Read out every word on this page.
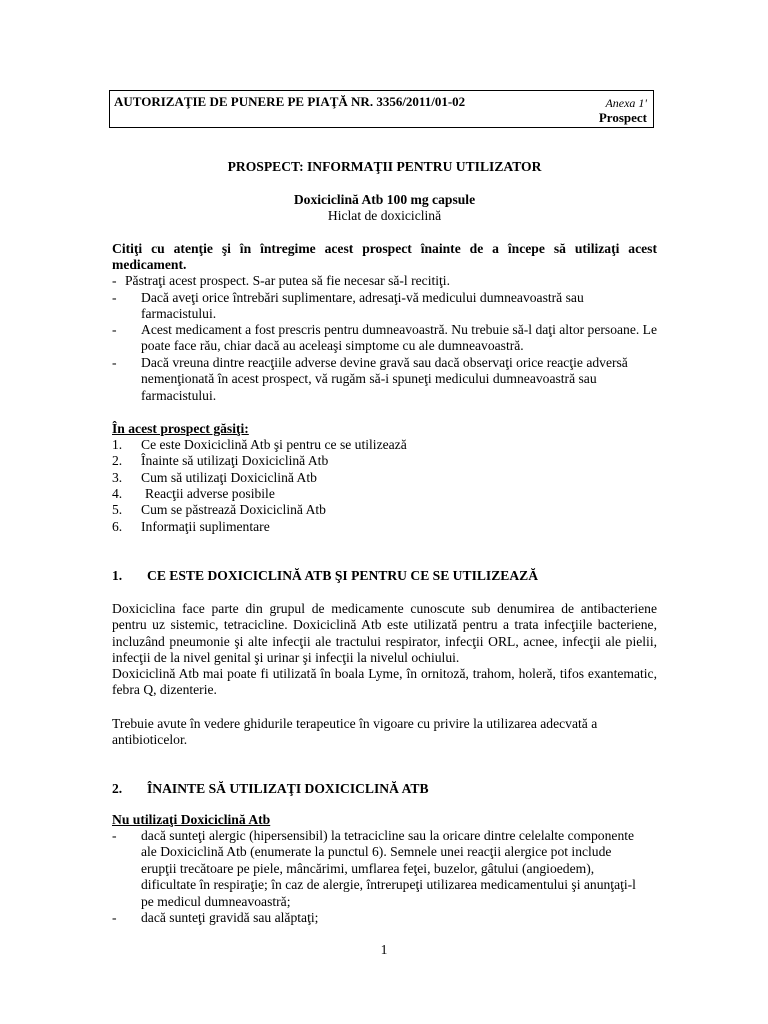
AUTORIZAŢIE DE PUNERE PE PIAŢĂ NR. 3356/2011/01-02	Anexa 1'
Prospect
PROSPECT: INFORMAŢII PENTRU UTILIZATOR
Doxiciclină Atb 100 mg capsule
Hiclat de doxiciclină
Citiţi cu atenţie şi în întregime acest prospect înainte de a începe să utilizaţi acest medicament.
- Păstraţi acest prospect. S-ar putea să fie necesar să-l recitiţi.
- Dacă aveţi orice întrebări suplimentare, adresaţi-vă medicului dumneavoastră sau farmacistului.
- Acest medicament a fost prescris pentru dumneavoastră. Nu trebuie să-l daţi altor persoane. Le poate face rău, chiar dacă au aceleaşi simptome cu ale dumneavoastră.
- Dacă vreuna dintre reacţiile adverse devine gravă sau dacă observaţi orice reacţie adversă nemenţionată în acest prospect, vă rugăm să-i spuneţi medicului dumneavoastră sau farmacistului.
În acest prospect găsiţi:
1. Ce este Doxiciclină Atb şi pentru ce se utilizează
2. Înainte să utilizaţi Doxiciclină Atb
3. Cum să utilizaţi Doxiciclină Atb
4. Reacţii adverse posibile
5. Cum se păstrează Doxiciclină Atb
6. Informaţii suplimentare
1. CE ESTE DOXICICLINĂ ATB ŞI PENTRU CE SE UTILIZEAZĂ
Doxiciclina face parte din grupul de medicamente cunoscute sub denumirea de antibacteriene pentru uz sistemic, tetracicline. Doxiciclină Atb este utilizată pentru a trata infecţiile bacteriene, incluzând pneumonie şi alte infecţii ale tractului respirator, infecţii ORL, acnee, infecţii ale pielii, infecţii de la nivel genital şi urinar şi infecţii la nivelul ochiului.
Doxiciclină Atb mai poate fi utilizată în boala Lyme, în ornitoză, trahom, holeră, tifos exantematic, febra Q, dizenterie.
Trebuie avute în vedere ghidurile terapeutice în vigoare cu privire la utilizarea adecvată a antibioticelor.
2. ÎNAINTE SĂ UTILIZAŢI DOXICICLINĂ ATB
Nu utilizaţi Doxiciclină Atb
- dacă sunteţi alergic (hipersensibil) la tetracicline sau la oricare dintre celelalte componente ale Doxiciclină Atb (enumerate la punctul 6). Semnele unei reacţii alergice pot include erupţii trecătoare pe piele, mâncărimi, umflarea feţei, buzelor, gâtului (angioedem), dificultate în respiraţie; în caz de alergie, întrerupeţi utilizarea medicamentului şi anunţaţi-l pe medicul dumneavoastră;
- dacă sunteţi gravidă sau alăptaţi;
1
